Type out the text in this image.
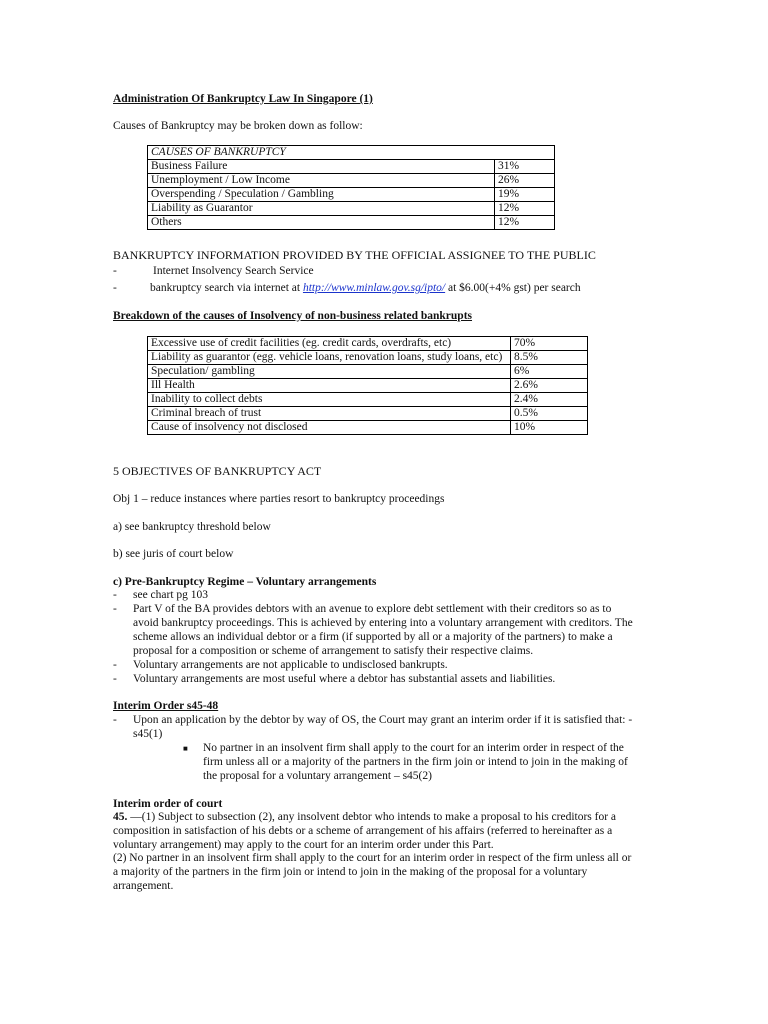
Administration Of Bankruptcy Law In Singapore (1)
Causes of Bankruptcy may be broken down as follow:
CAUSES OF BANKRUPTCY	
Business Failure	31%
Unemployment / Low Income	26%
Overspending / Speculation / Gambling	19%
Liability as Guarantor	12%
Others	12%
BANKRUPTCY INFORMATION PROVIDED BY THE OFFICIAL ASSIGNEE TO THE PUBLIC
-	Internet Insolvency Search Service
-	bankruptcy search via internet at http://www.minlaw.gov.sg/ipto/ at $6.00(+4% gst) per search
Breakdown of the causes of Insolvency of non-business related bankrupts
Excessive use of credit facilities (eg. credit cards, overdrafts, etc)	70%
Liability as guarantor (egg. vehicle loans, renovation loans, study loans, etc)	8.5%
Speculation/ gambling	6%
Ill Health	2.6%
Inability to collect debts	2.4%
Criminal breach of trust	0.5%
Cause of insolvency not disclosed	10%
5 OBJECTIVES OF BANKRUPTCY ACT
Obj 1 – reduce instances where parties resort to bankruptcy proceedings
a) see bankruptcy threshold below
b) see juris of court below
c) Pre-Bankruptcy Regime – Voluntary arrangements
- see chart pg 103
- Part V of the BA provides debtors with an avenue to explore debt settlement with their creditors so as to avoid bankruptcy proceedings. This is achieved by entering into a voluntary arrangement with creditors. The scheme allows an individual debtor or a firm (if supported by all or a majority of the partners) to make a proposal for a composition or scheme of arrangement to satisfy their respective claims.
- Voluntary arrangements are not applicable to undisclosed bankrupts.
- Voluntary arrangements are most useful where a debtor has substantial assets and liabilities.
Interim Order s45-48
- Upon an application by the debtor by way of OS, the Court may grant an interim order if it is satisfied that: - s45(1)
■ No partner in an insolvent firm shall apply to the court for an interim order in respect of the firm unless all or a majority of the partners in the firm join or intend to join in the making of the proposal for a voluntary arrangement – s45(2)
Interim order of court
45. —(1) Subject to subsection (2), any insolvent debtor who intends to make a proposal to his creditors for a composition in satisfaction of his debts or a scheme of arrangement of his affairs (referred to hereinafter as a voluntary arrangement) may apply to the court for an interim order under this Part.
(2) No partner in an insolvent firm shall apply to the court for an interim order in respect of the firm unless all or a majority of the partners in the firm join or intend to join in the making of the proposal for a voluntary arrangement.
